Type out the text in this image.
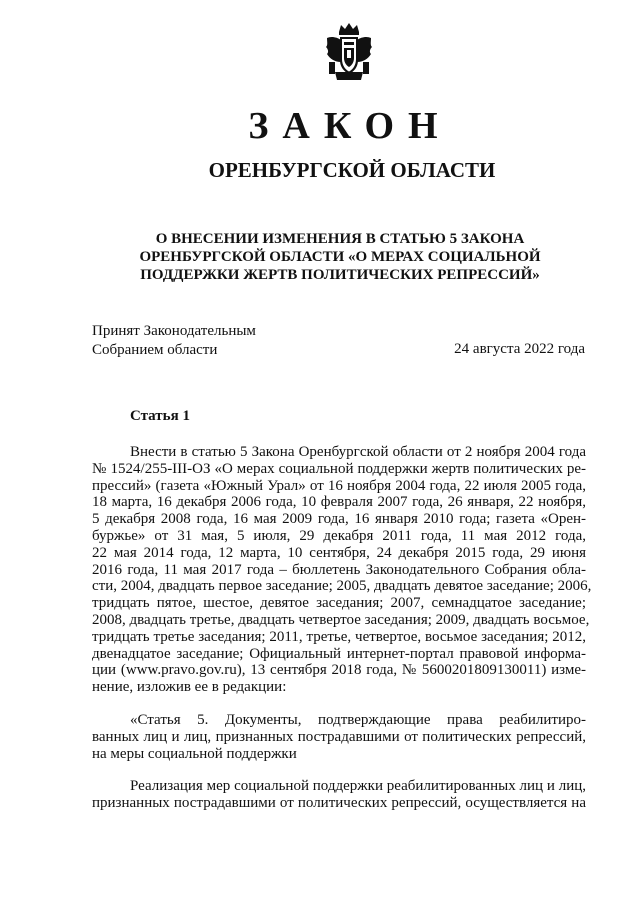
ЗАКОН
ОРЕНБУРГСКОЙ ОБЛАСТИ
О ВНЕСЕНИИ ИЗМЕНЕНИЯ В СТАТЬЮ 5 ЗАКОНА
ОРЕНБУРГСКОЙ ОБЛАСТИ «О МЕРАХ СОЦИАЛЬНОЙ
ПОДДЕРЖКИ ЖЕРТВ ПОЛИТИЧЕСКИХ РЕПРЕССИЙ»
Принят Законодательным
Собранием области	24 августа 2022 года
Статья 1
Внести в статью 5 Закона Оренбургской области от 2 ноября 2004 года
№ 1524/255-III-ОЗ «О мерах социальной поддержки жертв политических ре-
прессий» (газета «Южный Урал» от 16 ноября 2004 года, 22 июля 2005 года,
18 марта, 16 декабря 2006 года, 10 февраля 2007 года, 26 января, 22 ноября,
5 декабря 2008 года, 16 мая 2009 года, 16 января 2010 года; газета «Орен-
буржье» от 31 мая, 5 июля, 29 декабря 2011 года, 11 мая 2012 года,
22 мая 2014 года, 12 марта, 10 сентября, 24 декабря 2015 года, 29 июня
2016 года, 11 мая 2017 года – бюллетень Законодательного Собрания обла-
сти, 2004, двадцать первое заседание; 2005, двадцать девятое заседание; 2006,
тридцать пятое, шестое, девятое заседания; 2007, семнадцатое заседание;
2008, двадцать третье, двадцать четвертое заседания; 2009, двадцать восьмое,
тридцать третье заседания; 2011, третье, четвертое, восьмое заседания; 2012,
двенадцатое заседание; Официальный интернет-портал правовой информа-
ции (www.pravo.gov.ru), 13 сентября 2018 года, № 5600201809130011) изме-
нение, изложив ее в редакции:
«Статья 5. Документы, подтверждающие права реабилитиро-
ванных лиц и лиц, признанных пострадавшими от политических репрессий,
на меры социальной поддержки
Реализация мер социальной поддержки реабилитированных лиц и лиц,
признанных пострадавшими от политических репрессий, осуществляется на
